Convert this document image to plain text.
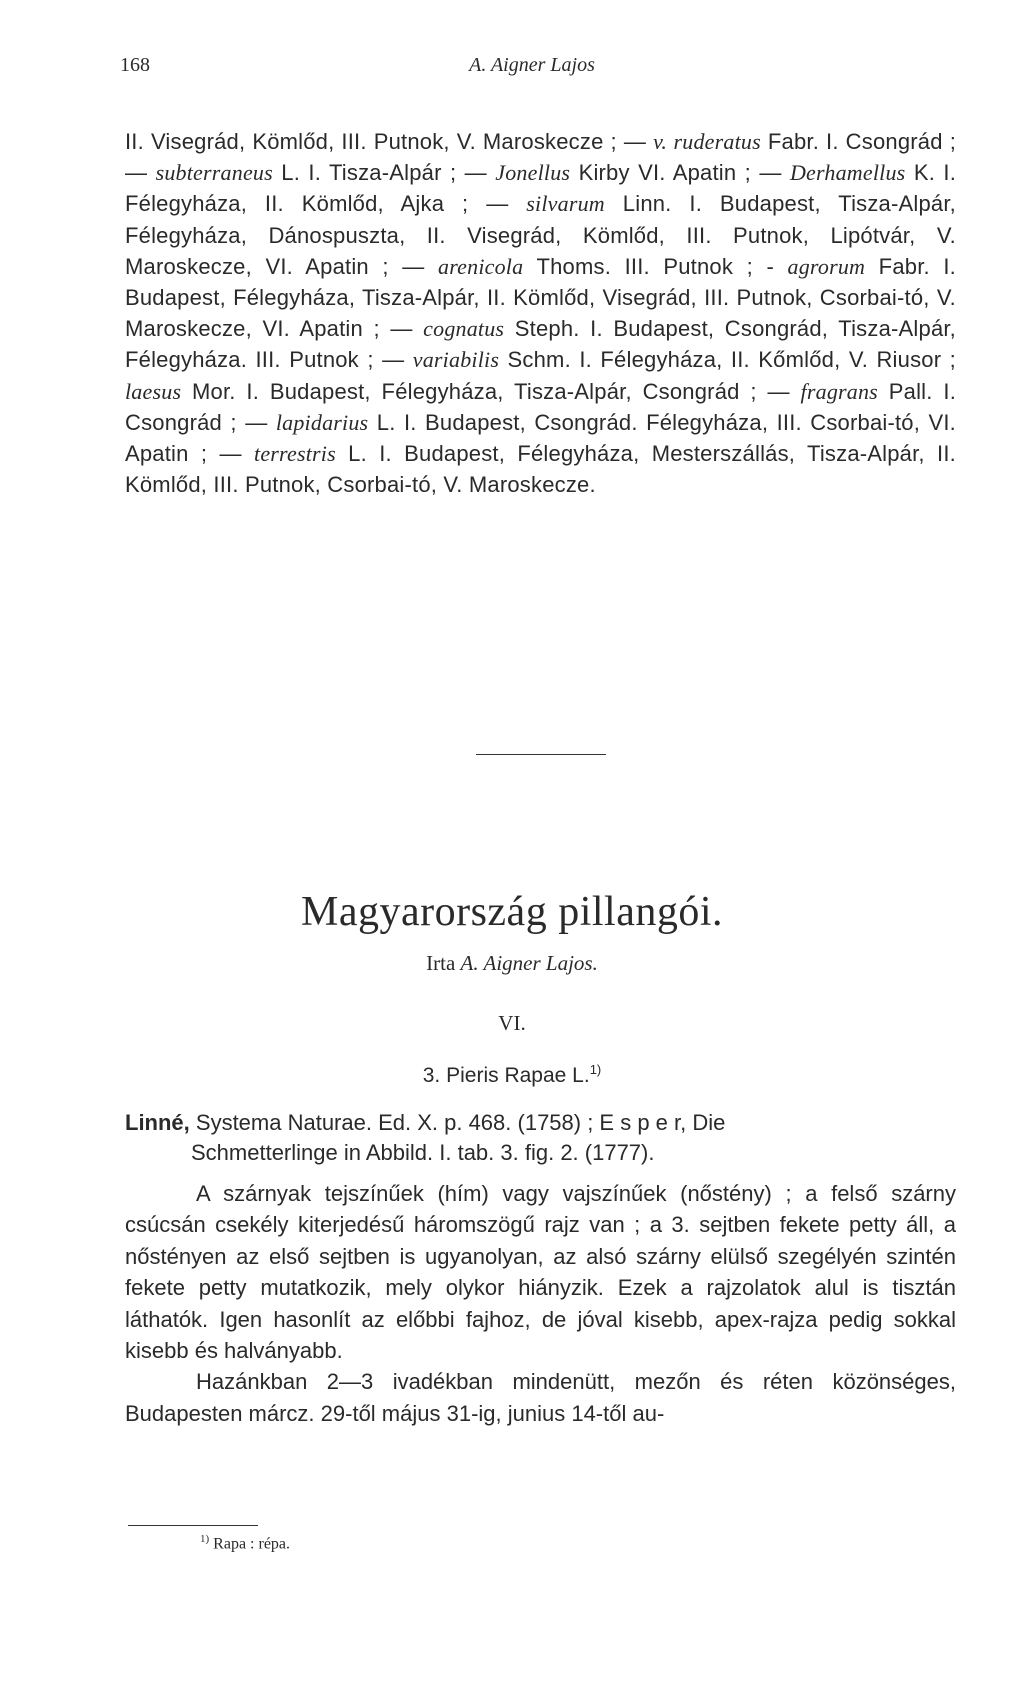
168	A. Aigner Lajos
II. Visegrád, Kömlőd, III. Putnok, V. Maroskecze ; — v. ruderatus Fabr. I. Csongrád ; — subterraneus L. I. Tisza-Alpár ; — Jonellus Kirby VI. Apatin ; — Derhamellus K. I. Félegyháza, II. Kömlőd, Ajka ; — silvarum Linn. I. Budapest, Tisza-Alpár, Félegyháza, Dánospuszta, II. Visegrád, Kömlőd, III. Putnok, Lipótvár, V. Maroskecze, VI. Apatin ; — arenicola Thoms. III. Putnok ; - agrorum Fabr. I. Budapest, Félegyháza, Tisza-Alpár, II. Kömlőd, Visegrád, III. Putnok, Csorbai-tó, V. Maroskecze, VI. Apatin ; — cognatus Steph. I. Budapest, Csongrád, Tisza-Alpár, Félegyháza. III. Putnok ; — variabilis Schm. I. Félegyháza, II. Kőmlőd, V. Riusor ; laesus Mor. I. Budapest, Félegyháza, Tisza-Alpár, Csongrád ; — fragrans Pall. I. Csongrád ; — lapidarius L. I. Budapest, Csongrád. Félegyháza, III. Csorbai-tó, VI. Apatin ; — terrestris L. I. Budapest, Félegyháza, Mesterszállás, Tisza-Alpár, II. Kömlőd, III. Putnok, Csorbai-tó, V. Maroskecze.
Magyarország pillangói.
Irta A. Aigner Lajos.
VI.
3. Pieris Rapae L.$^{1)}$
Linné, Systema Naturae. Ed. X. p. 468. (1758) ; E s p e r, Die
Schmetterlinge in Abbild. I. tab. 3. fig. 2. (1777).

A szárnyak tejszínűek (hím) vagy vajszínűek (nőstény) ; a felső szárny csúcsán csekély kiterjedésű háromszögű rajz van ; a 3. sejtben fekete petty áll, a nőstényen az első sejtben is ugyanolyan, az alsó szárny elülső szegélyén szintén fekete petty mutatkozik, mely olykor hiányzik. Ezek a rajzolatok alul is tisztán láthatók. Igen hasonlít az előbbi fajhoz, de jóval kisebb, apex-rajza pedig sokkal kisebb és halványabb.

Hazánkban 2—3 ivadékban mindenütt, mezőn és réten közönséges, Budapesten márcz. 29-től május 31-ig, junius 14-től au-

$^{1)}$ Rapa : répa.
